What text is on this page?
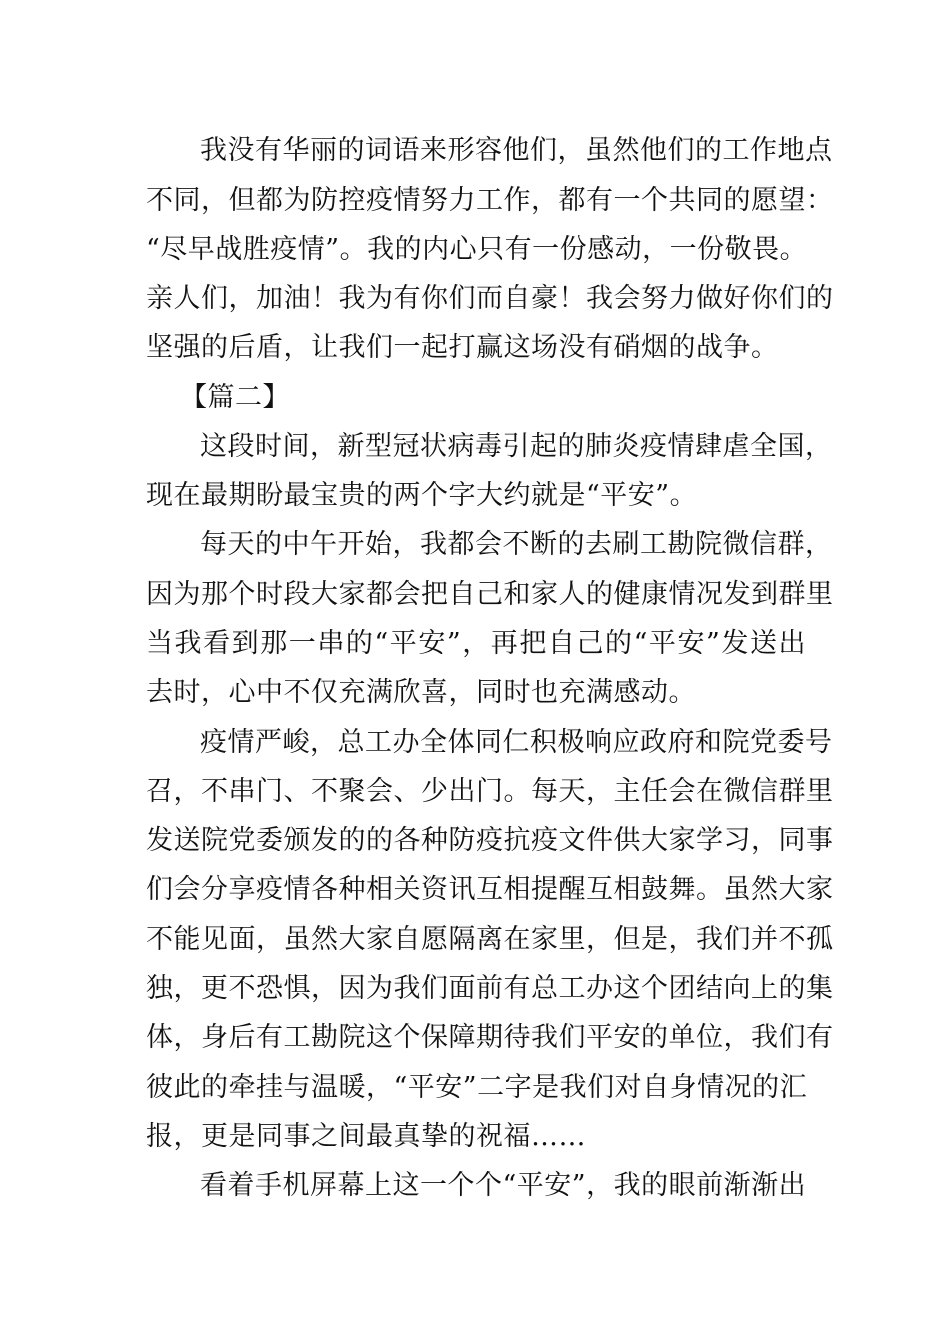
我没有华丽的词语来形容他们，虽然他们的工作地点
不同，但都为防控疫情努力工作，都有一个共同的愿望：
“尽早战胜疫情”。我的内心只有一份感动，一份敬畏。
亲人们，加油！我为有你们而自豪！我会努力做好你们的
坚强的后盾，让我们一起打赢这场没有硝烟的战争。
【篇二】
这段时间，新型冠状病毒引起的肺炎疫情肆虐全国，
现在最期盼最宝贵的两个字大约就是“平安”。
每天的中午开始，我都会不断的去刷工勘院微信群，
因为那个时段大家都会把自己和家人的健康情况发到群里
当我看到那一串的“平安”，再把自己的“平安”发送出
去时，心中不仅充满欣喜，同时也充满感动。
疫情严峻，总工办全体同仁积极响应政府和院党委号
召，不串门、不聚会、少出门。每天，主任会在微信群里
发送院党委颁发的的各种防疫抗疫文件供大家学习，同事
们会分享疫情各种相关资讯互相提醒互相鼓舞。虽然大家
不能见面，虽然大家自愿隔离在家里，但是，我们并不孤
独，更不恐惧，因为我们面前有总工办这个团结向上的集
体，身后有工勘院这个保障期待我们平安的单位，我们有
彼此的牵挂与温暖，“平安”二字是我们对自身情况的汇
报，更是同事之间最真挚的祝福……
看着手机屏幕上这一个个“平安”，我的眼前渐渐出
